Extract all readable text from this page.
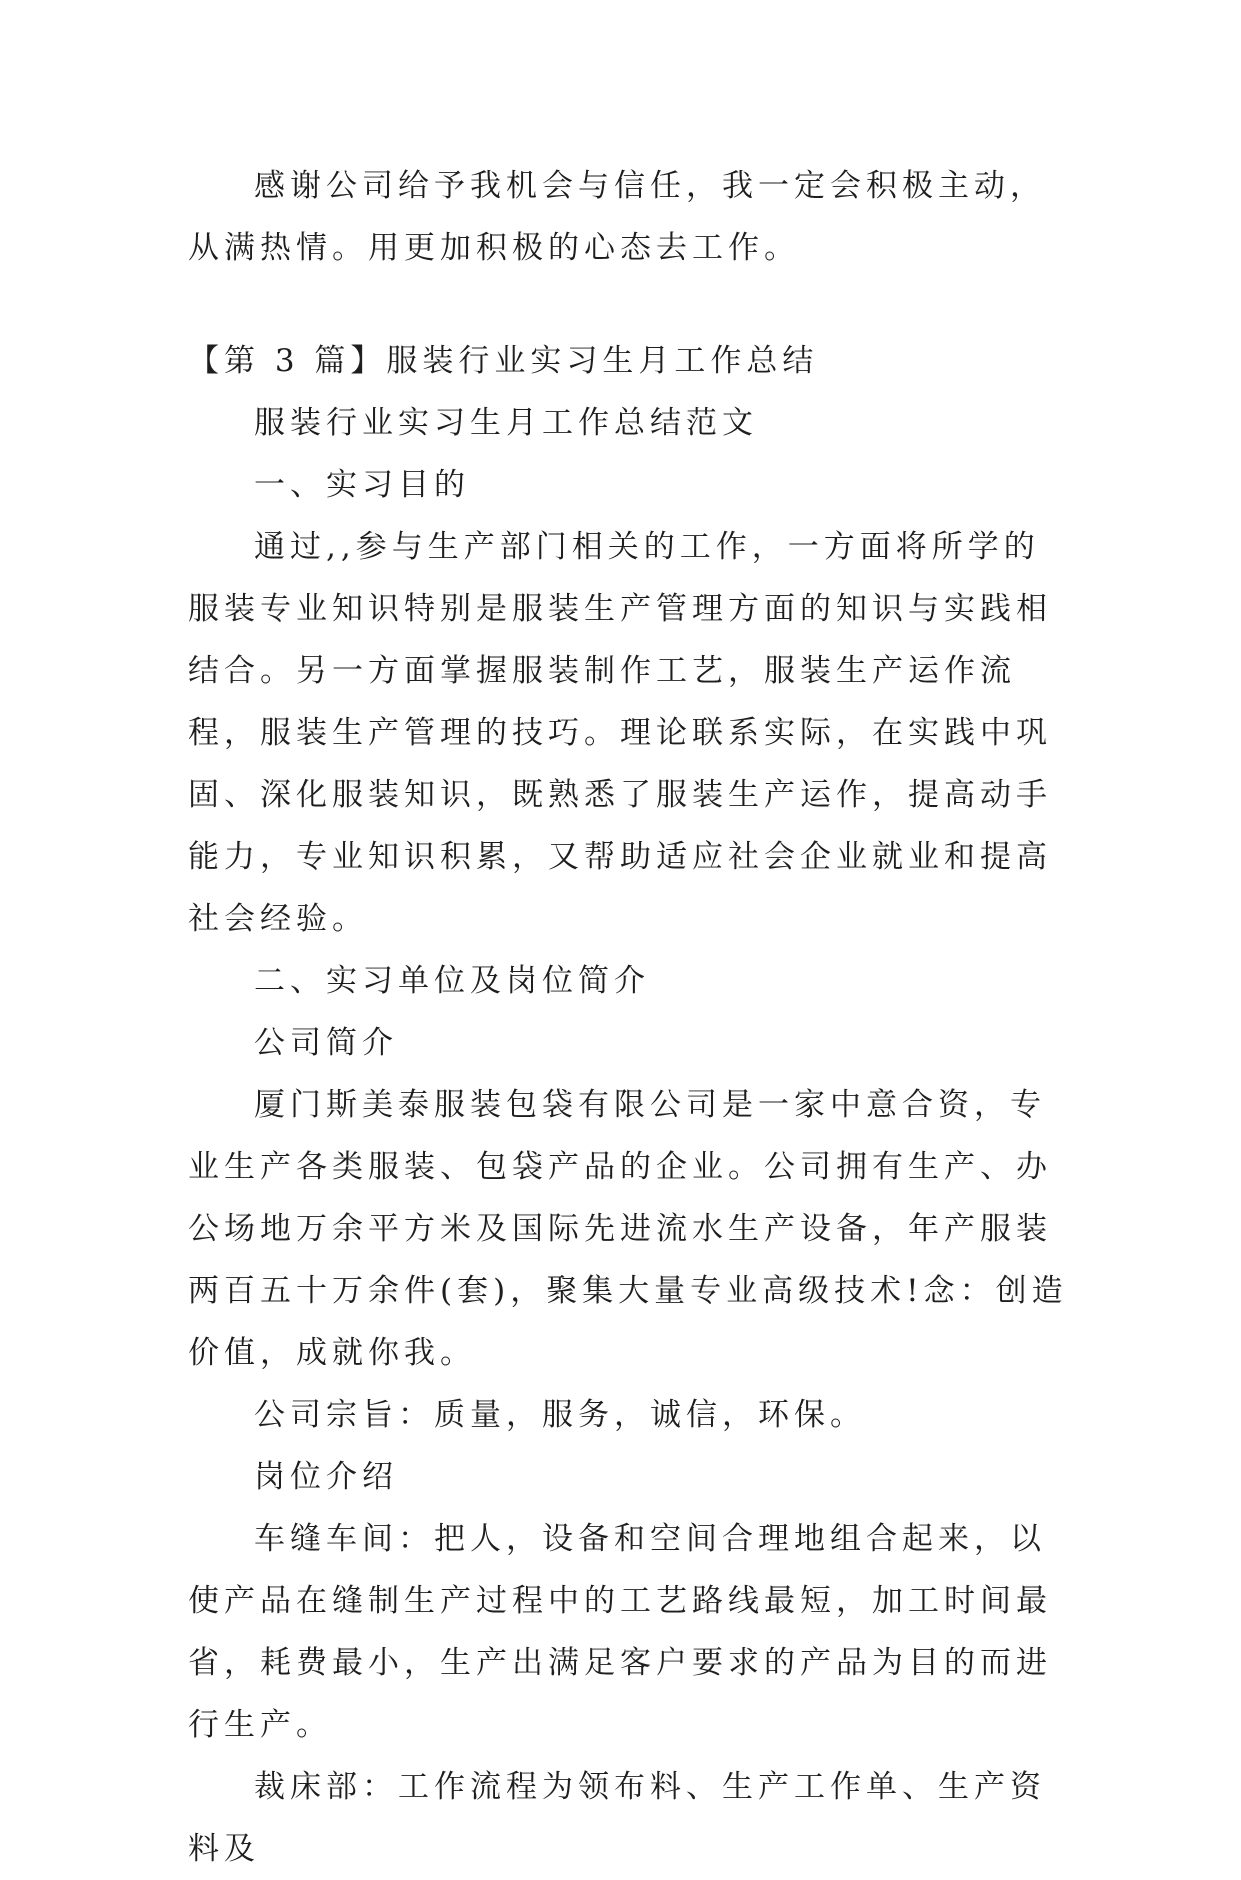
感谢公司给予我机会与信任，我一定会积极主动，从满热情。用更加积极的心态去工作。

【第 3 篇】服装行业实习生月工作总结

服装行业实习生月工作总结范文

一、实习目的

通过,,参与生产部门相关的工作，一方面将所学的服装专业知识特别是服装生产管理方面的知识与实践相结合。另一方面掌握服装制作工艺，服装生产运作流程，服装生产管理的技巧。理论联系实际，在实践中巩固、深化服装知识，既熟悉了服装生产运作，提高动手能力，专业知识积累，又帮助适应社会企业就业和提高社会经验。

二、实习单位及岗位简介

公司简介

厦门斯美泰服装包袋有限公司是一家中意合资，专业生产各类服装、包袋产品的企业。公司拥有生产、办公场地万余平方米及国际先进流水生产设备，年产服装两百五十万余件(套)，聚集大量专业高级技术!念：创造价值，成就你我。

公司宗旨：质量，服务，诚信，环保。

岗位介绍

车缝车间：把人，设备和空间合理地组合起来，以使产品在缝制生产过程中的工艺路线最短，加工时间最省，耗费最小，生产出满足客户要求的产品为目的而进行生产。

裁床部：工作流程为领布料、生产工作单、生产资料及
